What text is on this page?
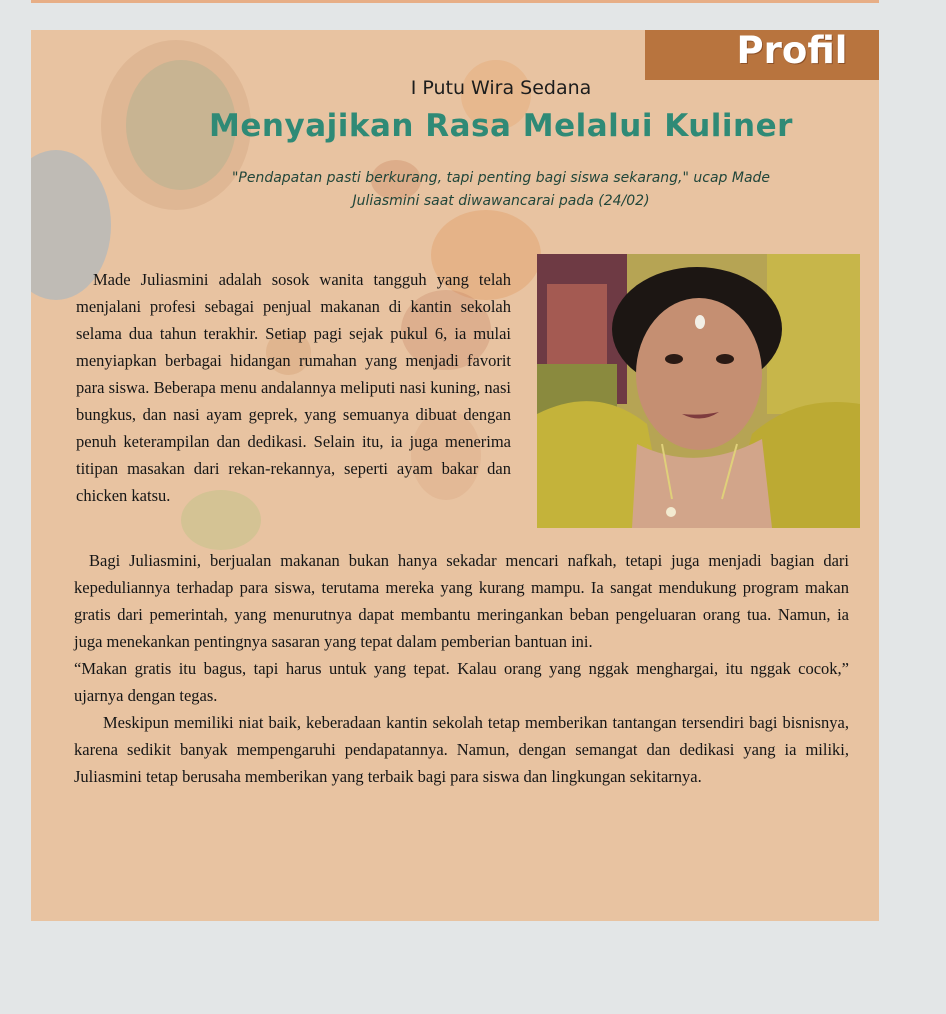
Profil
I Putu Wira Sedana
Menyajikan Rasa Melalui Kuliner
"Pendapatan pasti berkurang, tapi penting bagi siswa sekarang," ucap Made Juliasmini saat diwawancarai pada (24/02)

Made Juliasmini adalah sosok wanita tangguh yang telah menjalani profesi sebagai penjual makanan di kantin sekolah selama dua tahun terakhir. Setiap pagi sejak pukul 6, ia mulai menyiapkan berbagai hidangan rumahan yang menjadi favorit para siswa. Beberapa menu andalannya meliputi nasi kuning, nasi bungkus, dan nasi ayam geprek, yang semuanya dibuat dengan penuh keterampilan dan dedikasi. Selain itu, ia juga menerima titipan masakan dari rekan-rekannya, seperti ayam bakar dan chicken katsu.

Bagi Juliasmini, berjualan makanan bukan hanya sekadar mencari nafkah, tetapi juga menjadi bagian dari kepeduliannya terhadap para siswa, terutama mereka yang kurang mampu. Ia sangat mendukung program makan gratis dari pemerintah, yang menurutnya dapat membantu meringankan beban pengeluaran orang tua. Namun, ia juga menekankan pentingnya sasaran yang tepat dalam pemberian bantuan ini.

“Makan gratis itu bagus, tapi harus untuk yang tepat. Kalau orang yang nggak menghargai, itu nggak cocok,” ujarnya dengan tegas.

Meskipun memiliki niat baik, keberadaan kantin sekolah tetap memberikan tantangan tersendiri bagi bisnisnya, karena sedikit banyak mempengaruhi pendapatannya. Namun, dengan semangat dan dedikasi yang ia miliki, Juliasmini tetap berusaha memberikan yang terbaik bagi para siswa dan lingkungan sekitarnya.
